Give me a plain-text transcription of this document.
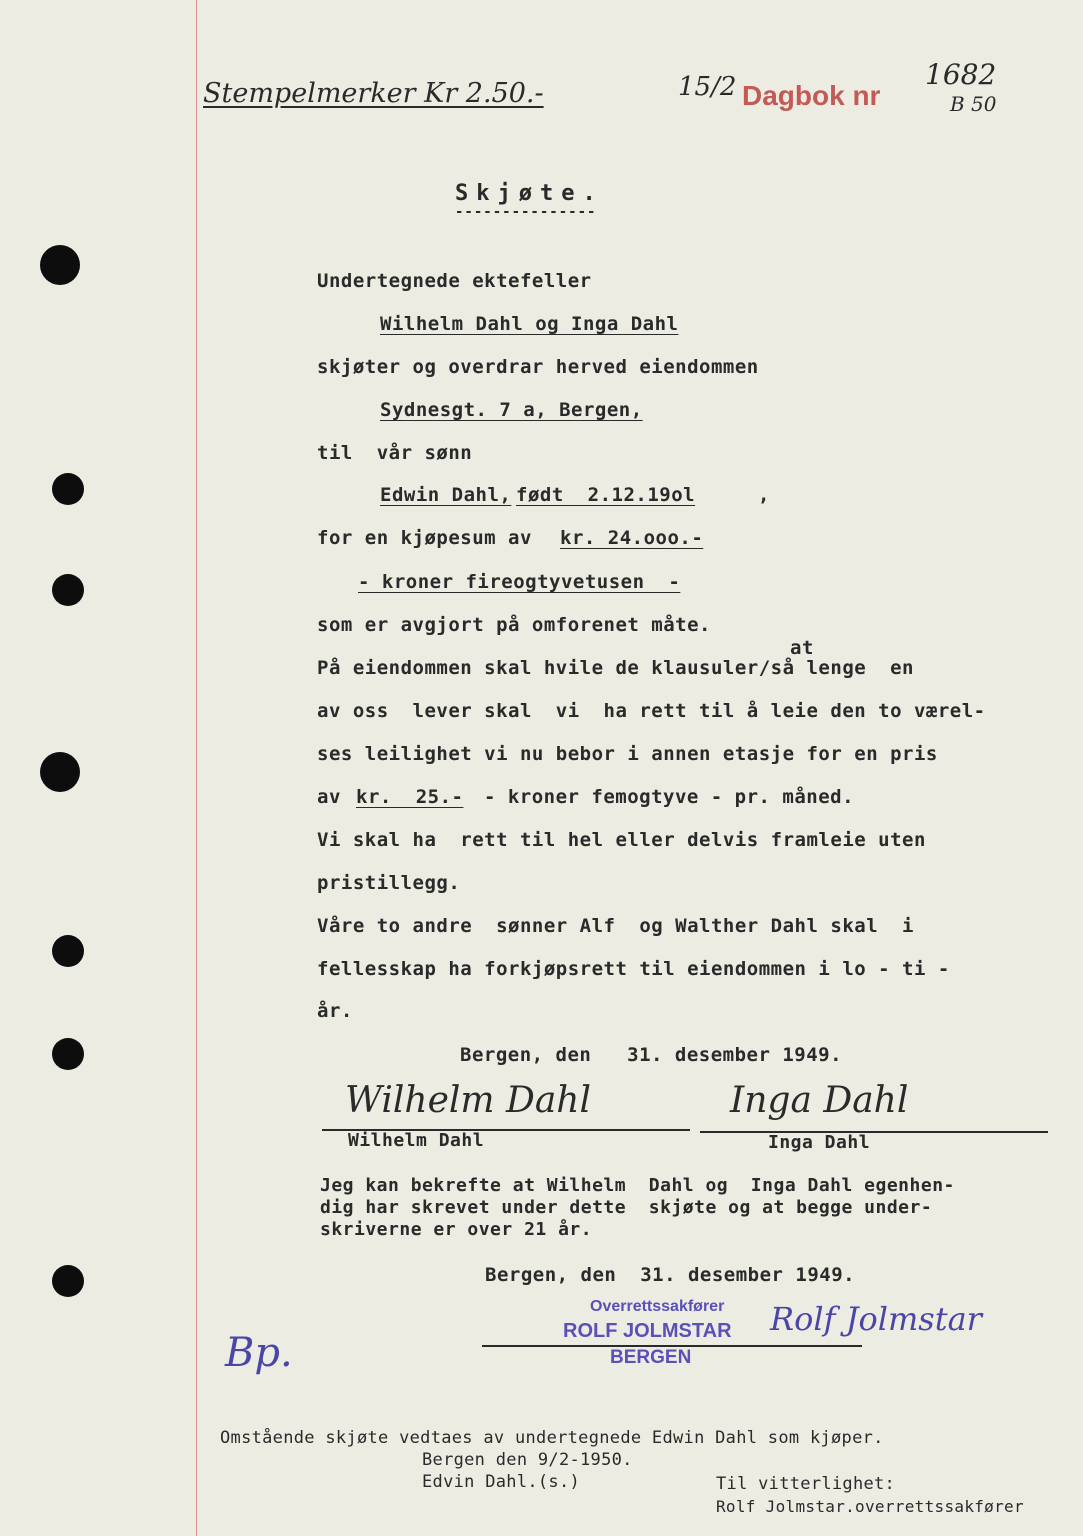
Stempelmerker Kr 2.50.-	15/2 Dagbok nr
1682
B 50
Skjøte.
---------------
Undertegnede ektefeller
Wilhelm Dahl og Inga Dahl
skjøter og overdrar herved eiendommen
Sydnesgt. 7 a, Bergen,
til  vår sønn
Edwin Dahl, født  2.12.19ol	,
for en kjøpesum av kr. 24.ooo.-
- kroner fireogtyvetusen  -
som er avgjort på omforenet måte.
at
På eiendommen skal hvile de klausuler/så lenge  en
av oss  lever skal  vi  ha rett til å leie den to værel-
ses leilighet vi nu bebor i annen etasje for en pris
av kr.  25.- - kroner femogtyve - pr. måned.
Vi skal ha  rett til hel eller delvis framleie uten
pristillegg.
Våre to andre  sønner Alf  og Walther Dahl skal  i
fellesskap ha forkjøpsrett til eiendommen i lo - ti -
år.
Bergen, den   31. desember 1949.
Wilhelm Dahl
Wilhelm Dahl
Inga Dahl
Inga Dahl
Jeg kan bekrefte at Wilhelm  Dahl og  Inga Dahl egenhen-
dig har skrevet under dette  skjøte og at begge under-
skriverne er over 21 år.
Bergen, den  31. desember 1949.
Overrettssakfører
ROLF JOLMSTAR
BERGEN
Rolf Jolmstar
Bp.
Omstående skjøte vedtaes av undertegnede Edwin Dahl som kjøper.
Bergen den 9/2-1950.
Edvin Dahl.(s.)	Til vitterlighet:
Rolf Jolmstar.overrettssakfører
